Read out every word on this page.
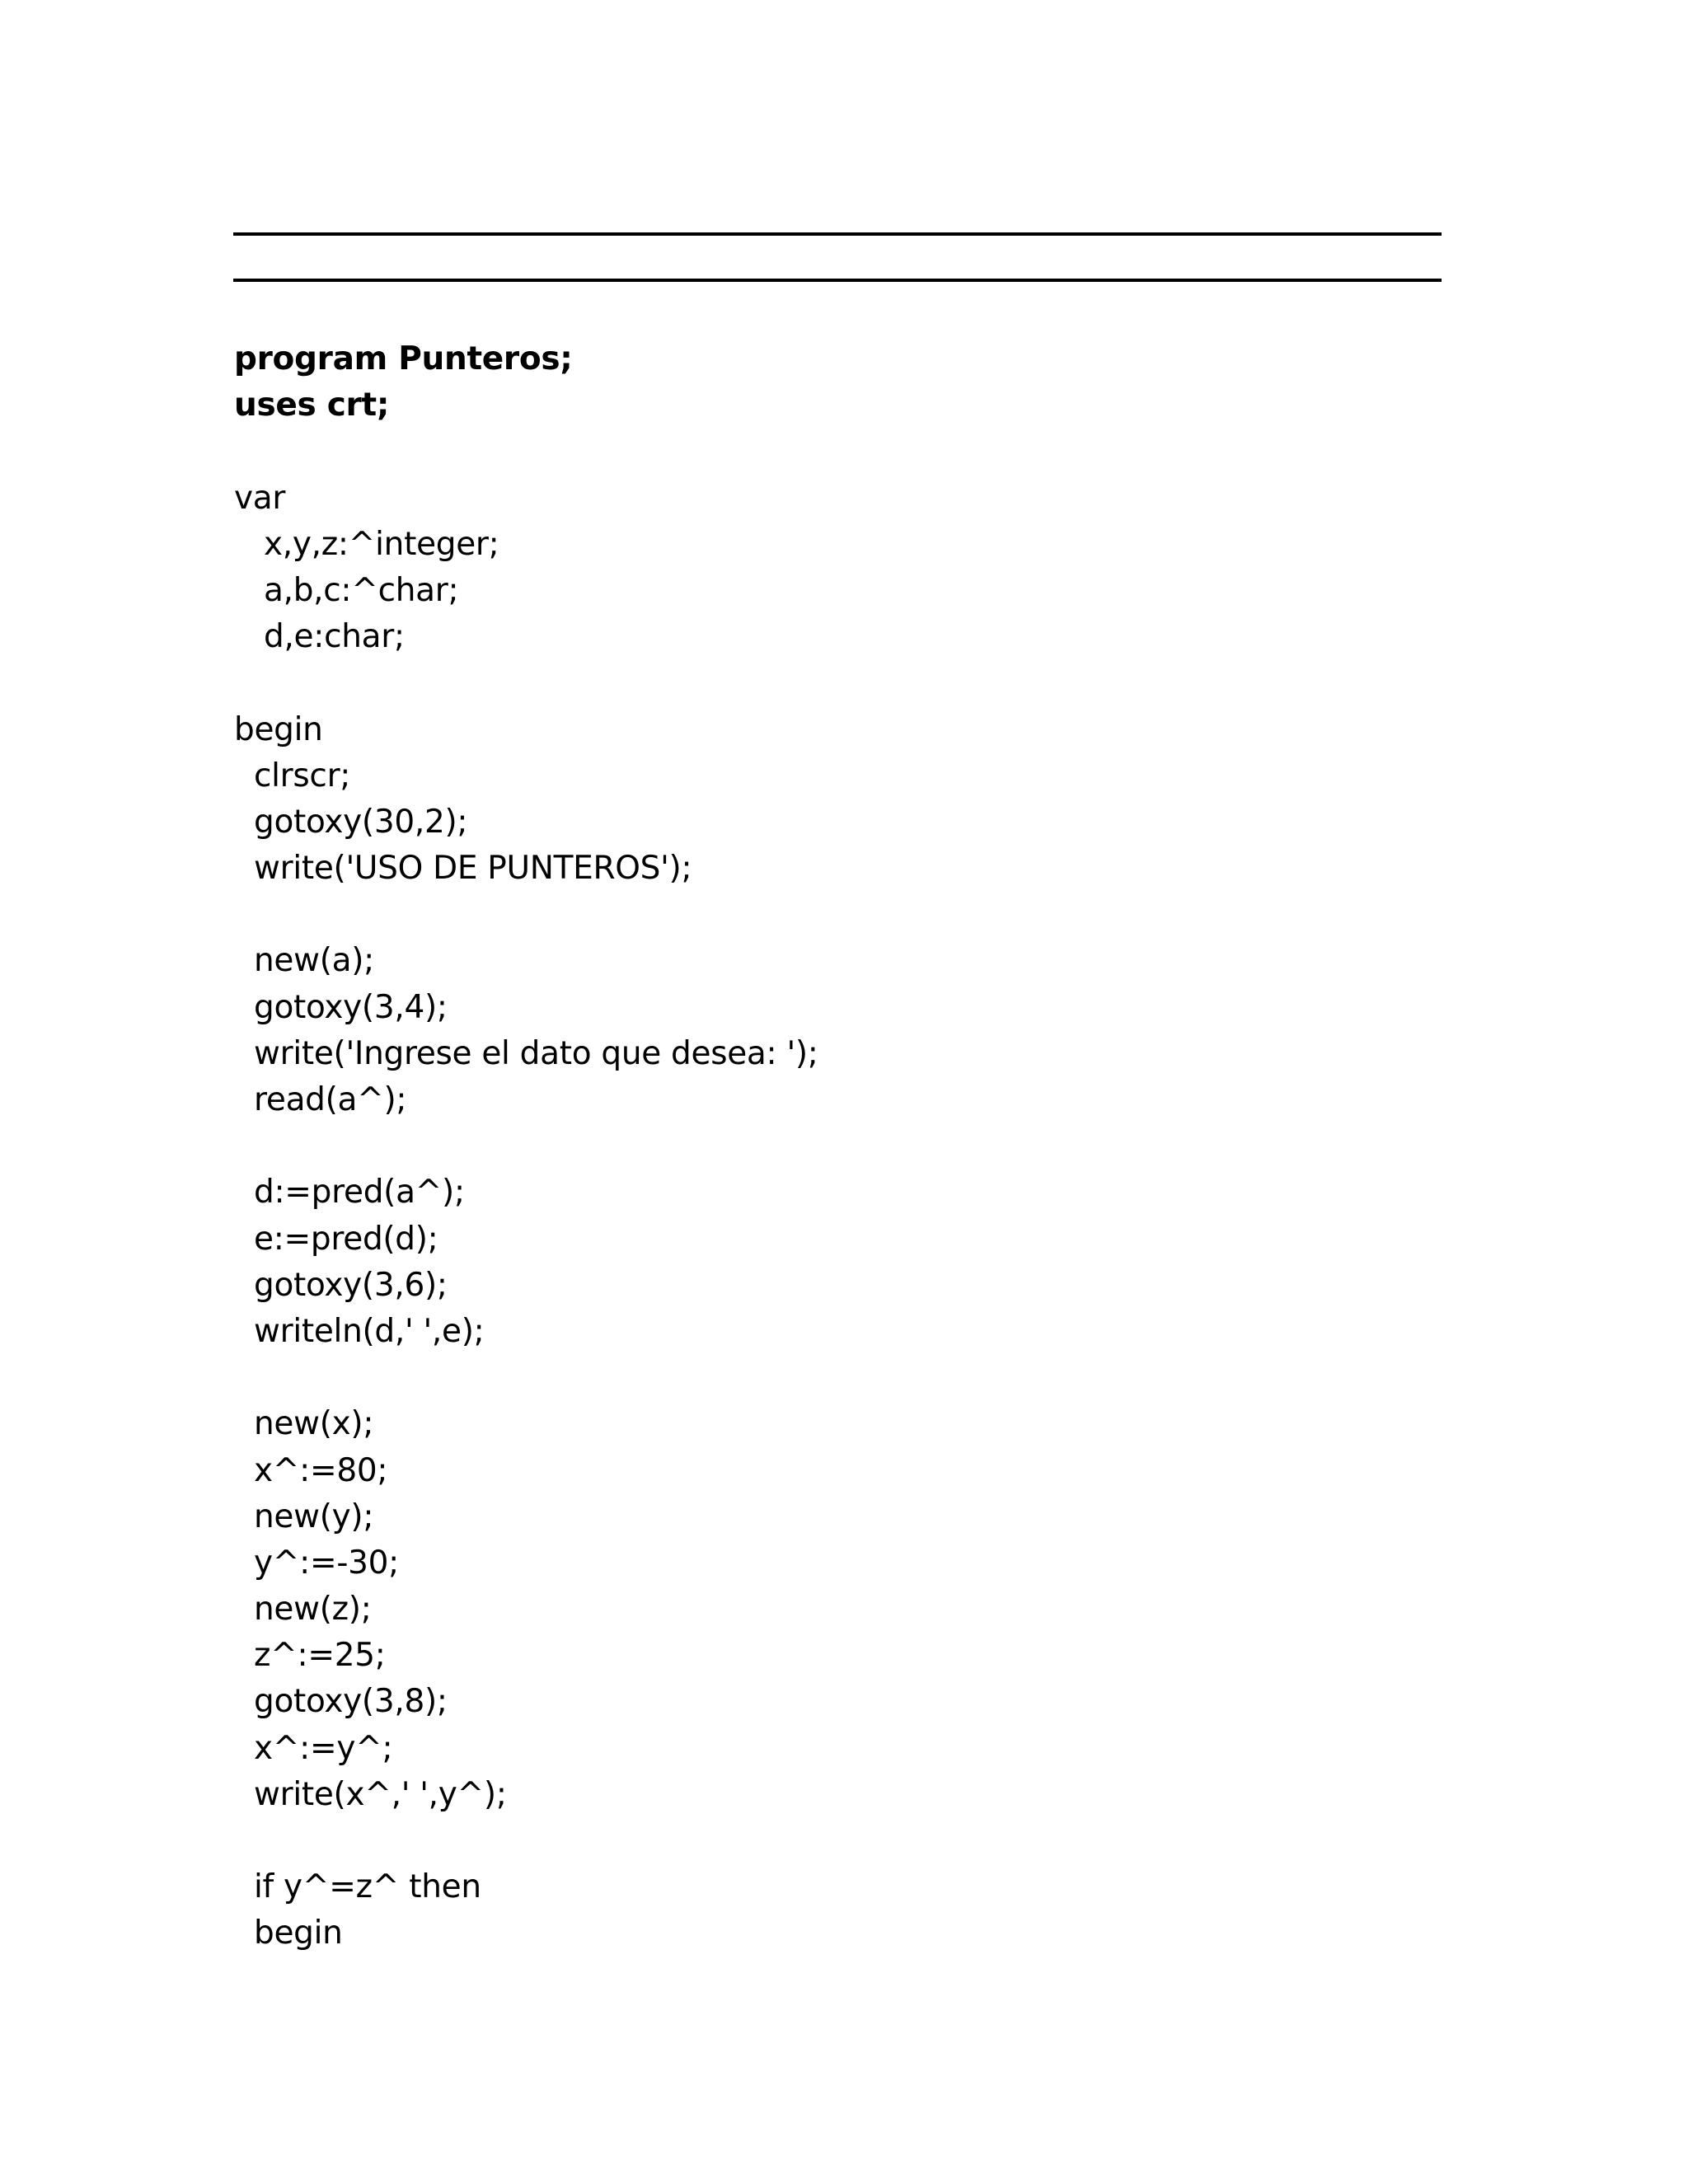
program Punteros;
uses crt;
var
x,y,z:^integer;
a,b,c:^char;
d,e:char;
begin
clrscr;
gotoxy(30,2);
write('USO DE PUNTEROS');
new(a);
gotoxy(3,4);
write('Ingrese el dato que desea: ');
read(a^);
d:=pred(a^);
e:=pred(d);
gotoxy(3,6);
writeln(d,' ',e);
new(x);
x^:=80;
new(y);
y^:=-30;
new(z);
z^:=25;
gotoxy(3,8);
x^:=y^;
write(x^,' ',y^);
if y^=z^ then
begin
